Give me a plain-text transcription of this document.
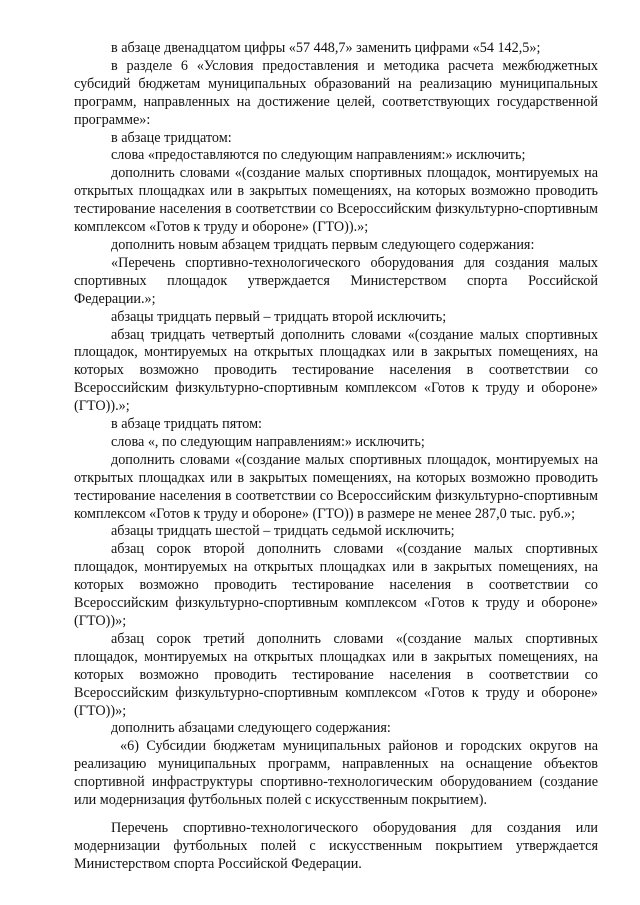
в абзаце двенадцатом цифры «57 448,7» заменить цифрами «54 142,5»;

в разделе 6 «Условия предоставления и методика расчета межбюджетных субсидий бюджетам муниципальных образований на реализацию муниципальных программ, направленных на достижение целей, соответствующих государственной программе»:

в абзаце тридцатом:

слова «предоставляются по следующим направлениям:» исключить;

дополнить словами «(создание малых спортивных площадок, монтируемых на открытых площадках или в закрытых помещениях, на которых возможно проводить тестирование населения в соответствии со Всероссийским физкультурно-спортивным комплексом «Готов к труду и обороне» (ГТО)).»;

дополнить новым абзацем тридцать первым следующего содержания:

«Перечень спортивно-технологического оборудования для создания малых спортивных площадок утверждается Министерством спорта Российской Федерации.»;

абзацы тридцать первый – тридцать второй исключить;

абзац тридцать четвертый дополнить словами «(создание малых спортивных площадок, монтируемых на открытых площадках или в закрытых помещениях, на которых возможно проводить тестирование населения в соответствии со Всероссийским физкультурно-спортивным комплексом «Готов к труду и обороне» (ГТО)).»;

в абзаце тридцать пятом:

слова «, по следующим направлениям:» исключить;

дополнить словами «(создание малых спортивных площадок, монтируемых на открытых площадках или в закрытых помещениях, на которых возможно проводить тестирование населения в соответствии со Всероссийским физкультурно-спортивным комплексом «Готов к труду и обороне» (ГТО)) в размере не менее 287,0 тыс. руб.»;

абзацы тридцать шестой – тридцать седьмой исключить;

абзац сорок второй дополнить словами «(создание малых спортивных площадок, монтируемых на открытых площадках или в закрытых помещениях, на которых возможно проводить тестирование населения в соответствии со Всероссийским физкультурно-спортивным комплексом «Готов к труду и обороне» (ГТО))»;

абзац сорок третий дополнить словами «(создание малых спортивных площадок, монтируемых на открытых площадках или в закрытых помещениях, на которых возможно проводить тестирование населения в соответствии со Всероссийским физкультурно-спортивным комплексом «Готов к труду и обороне» (ГТО))»;

дополнить абзацами следующего содержания:

«6) Субсидии бюджетам муниципальных районов и городских округов на реализацию муниципальных программ, направленных на оснащение объектов спортивной инфраструктуры спортивно-технологическим оборудованием (создание или модернизация футбольных полей с искусственным покрытием).

Перечень спортивно-технологического оборудования для создания или модернизации футбольных полей с искусственным покрытием утверждается Министерством спорта Российской Федерации.
